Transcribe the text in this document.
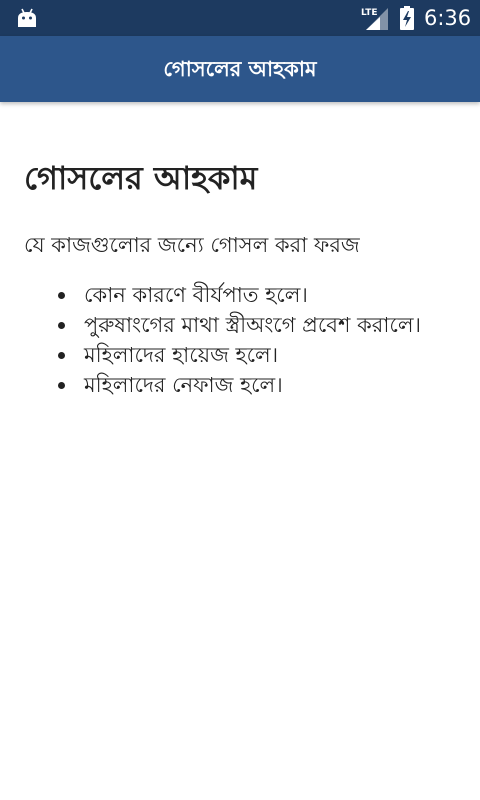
LTE 6:36
গোসলের আহকাম
গোসলের আহকাম

যে কাজগুলোর জন্যে গোসল করা ফরজ

কোন কারণে বীর্যপাত হলে।
পুরুষাংগের মাথা স্ত্রীঅংগে প্রবেশ করালে।
মহিলাদের হায়েজ হলে।
মহিলাদের নেফাজ হলে।
